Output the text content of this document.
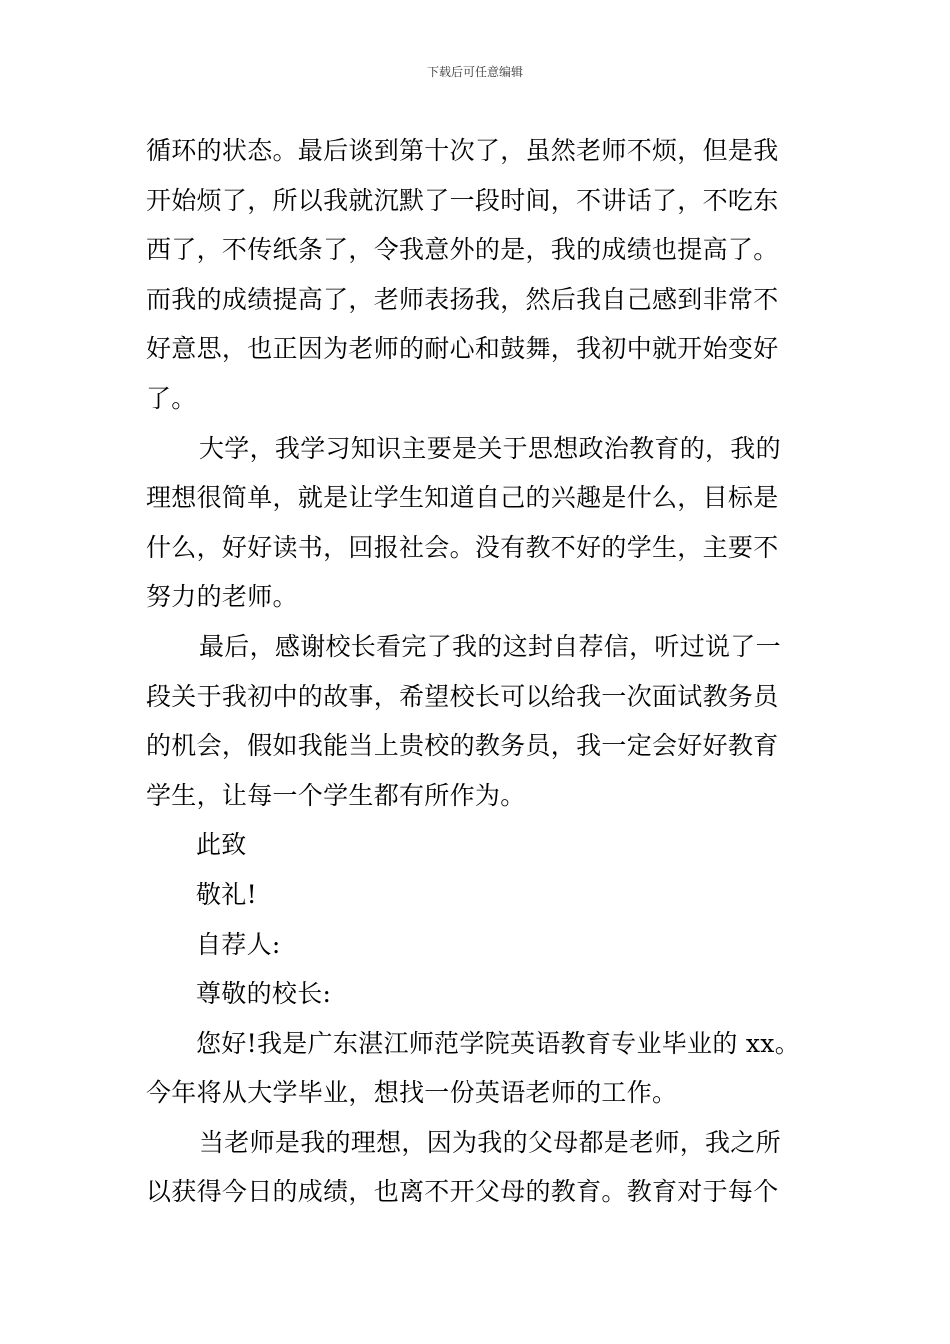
下载后可任意编辑
循环的状态。最后谈到第十次了，虽然老师不烦，但是我
开始烦了，所以我就沉默了一段时间，不讲话了，不吃东
西了，不传纸条了，令我意外的是，我的成绩也提高了。
而我的成绩提高了，老师表扬我，然后我自己感到非常不
好意思，也正因为老师的耐心和鼓舞，我初中就开始变好
了。
大学，我学习知识主要是关于思想政治教育的，我的
理想很简单，就是让学生知道自己的兴趣是什么，目标是
什么，好好读书，回报社会。没有教不好的学生，主要不
努力的老师。
最后，感谢校长看完了我的这封自荐信，听过说了一
段关于我初中的故事，希望校长可以给我一次面试教务员
的机会，假如我能当上贵校的教务员，我一定会好好教育
学生，让每一个学生都有所作为。
此致
敬礼!
自荐人:
尊敬的校长:
您好!我是广东湛江师范学院英语教育专业毕业的 xx。
今年将从大学毕业，想找一份英语老师的工作。
当老师是我的理想，因为我的父母都是老师，我之所
以获得今日的成绩，也离不开父母的教育。教育对于每个
